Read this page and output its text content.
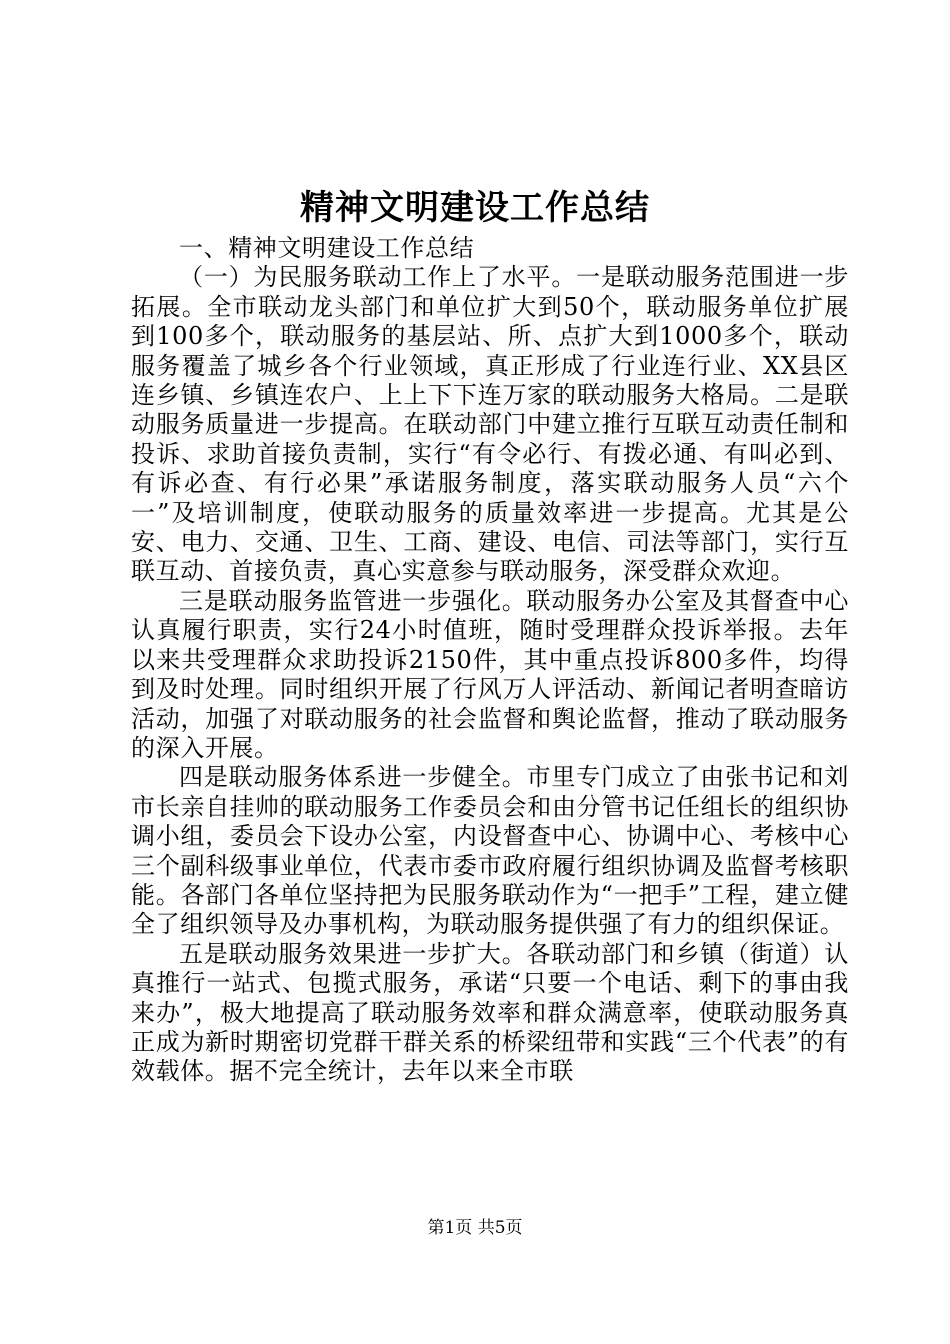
精神文明建设工作总结

一、精神文明建设工作总结

（一）为民服务联动工作上了水平。一是联动服务范围进一步拓展。全市联动龙头部门和单位扩大到50个，联动服务单位扩展到100多个，联动服务的基层站、所、点扩大到1000多个，联动服务覆盖了城乡各个行业领域，真正形成了行业连行业、XX县区连乡镇、乡镇连农户、上上下下连万家的联动服务大格局。二是联动服务质量进一步提高。在联动部门中建立推行互联互动责任制和投诉、求助首接负责制，实行“有令必行、有拨必通、有叫必到、有诉必查、有行必果”承诺服务制度，落实联动服务人员“六个一”及培训制度，使联动服务的质量效率进一步提高。尤其是公安、电力、交通、卫生、工商、建设、电信、司法等部门，实行互联互动、首接负责，真心实意参与联动服务，深受群众欢迎。

三是联动服务监管进一步强化。联动服务办公室及其督查中心认真履行职责，实行24小时值班，随时受理群众投诉举报。去年以来共受理群众求助投诉2150件，其中重点投诉800多件，均得到及时处理。同时组织开展了行风万人评活动、新闻记者明查暗访活动，加强了对联动服务的社会监督和舆论监督，推动了联动服务的深入开展。

四是联动服务体系进一步健全。市里专门成立了由张书记和刘市长亲自挂帅的联动服务工作委员会和由分管书记任组长的组织协调小组，委员会下设办公室，内设督查中心、协调中心、考核中心三个副科级事业单位，代表市委市政府履行组织协调及监督考核职能。各部门各单位坚持把为民服务联动作为“一把手”工程，建立健全了组织领导及办事机构，为联动服务提供强了有力的组织保证。

五是联动服务效果进一步扩大。各联动部门和乡镇（街道）认真推行一站式、包揽式服务，承诺“只要一个电话、剩下的事由我来办”，极大地提高了联动服务效率和群众满意率，使联动服务真正成为新时期密切党群干群关系的桥梁纽带和实践“三个代表”的有效载体。据不完全统计，去年以来全市联

第1页 共5页
